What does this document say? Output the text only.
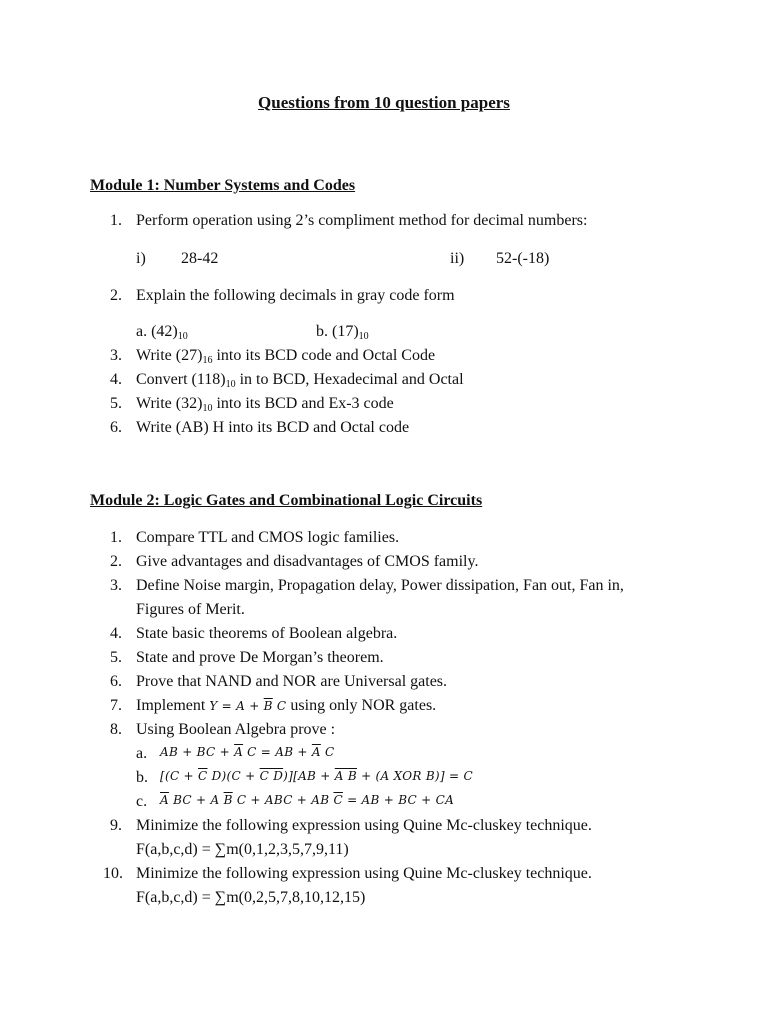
Questions from 10 question papers
Module 1: Number Systems and Codes
1. Perform operation using 2’s compliment method for decimal numbers:
i) 28-42	ii) 52-(-18)
2. Explain the following decimals in gray code form
a. (42)10	b. (17)10
3. Write (27)16 into its BCD code and Octal Code
4. Convert (118)10 in to BCD, Hexadecimal and Octal
5. Write (32)10 into its BCD and Ex-3 code
6. Write (AB) H into its BCD and Octal code
Module 2: Logic Gates and Combinational Logic Circuits
1. Compare TTL and CMOS logic families.
2. Give advantages and disadvantages of CMOS family.
3. Define Noise margin, Propagation delay, Power dissipation, Fan out, Fan in,
Figures of Merit.
4. State basic theorems of Boolean algebra.
5. State and prove De Morgan’s theorem.
6. Prove that NAND and NOR are Universal gates.
7. Implement $Y = A + \overline{B}$ C using only NOR gates.
8. Using Boolean Algebra prove :
a. AB + BC + $\overline{A}$ C = AB + $\overline{A}$ C
b. [($C + \overline{C}$ D)(C + C D)][AB + A B + (A XOR B)] = C
c. $\overline{A}$ BC + A $\overline{B}$ C + ABC + AB $\overline{C}$ = AB + BC + CA
9. Minimize the following expression using Quine Mc-cluskey technique.
F(a,b,c,d) = ∑m(0,1,2,3,5,7,9,11)
10. Minimize the following expression using Quine Mc-cluskey technique.
F(a,b,c,d) = ∑m(0,2,5,7,8,10,12,15)
